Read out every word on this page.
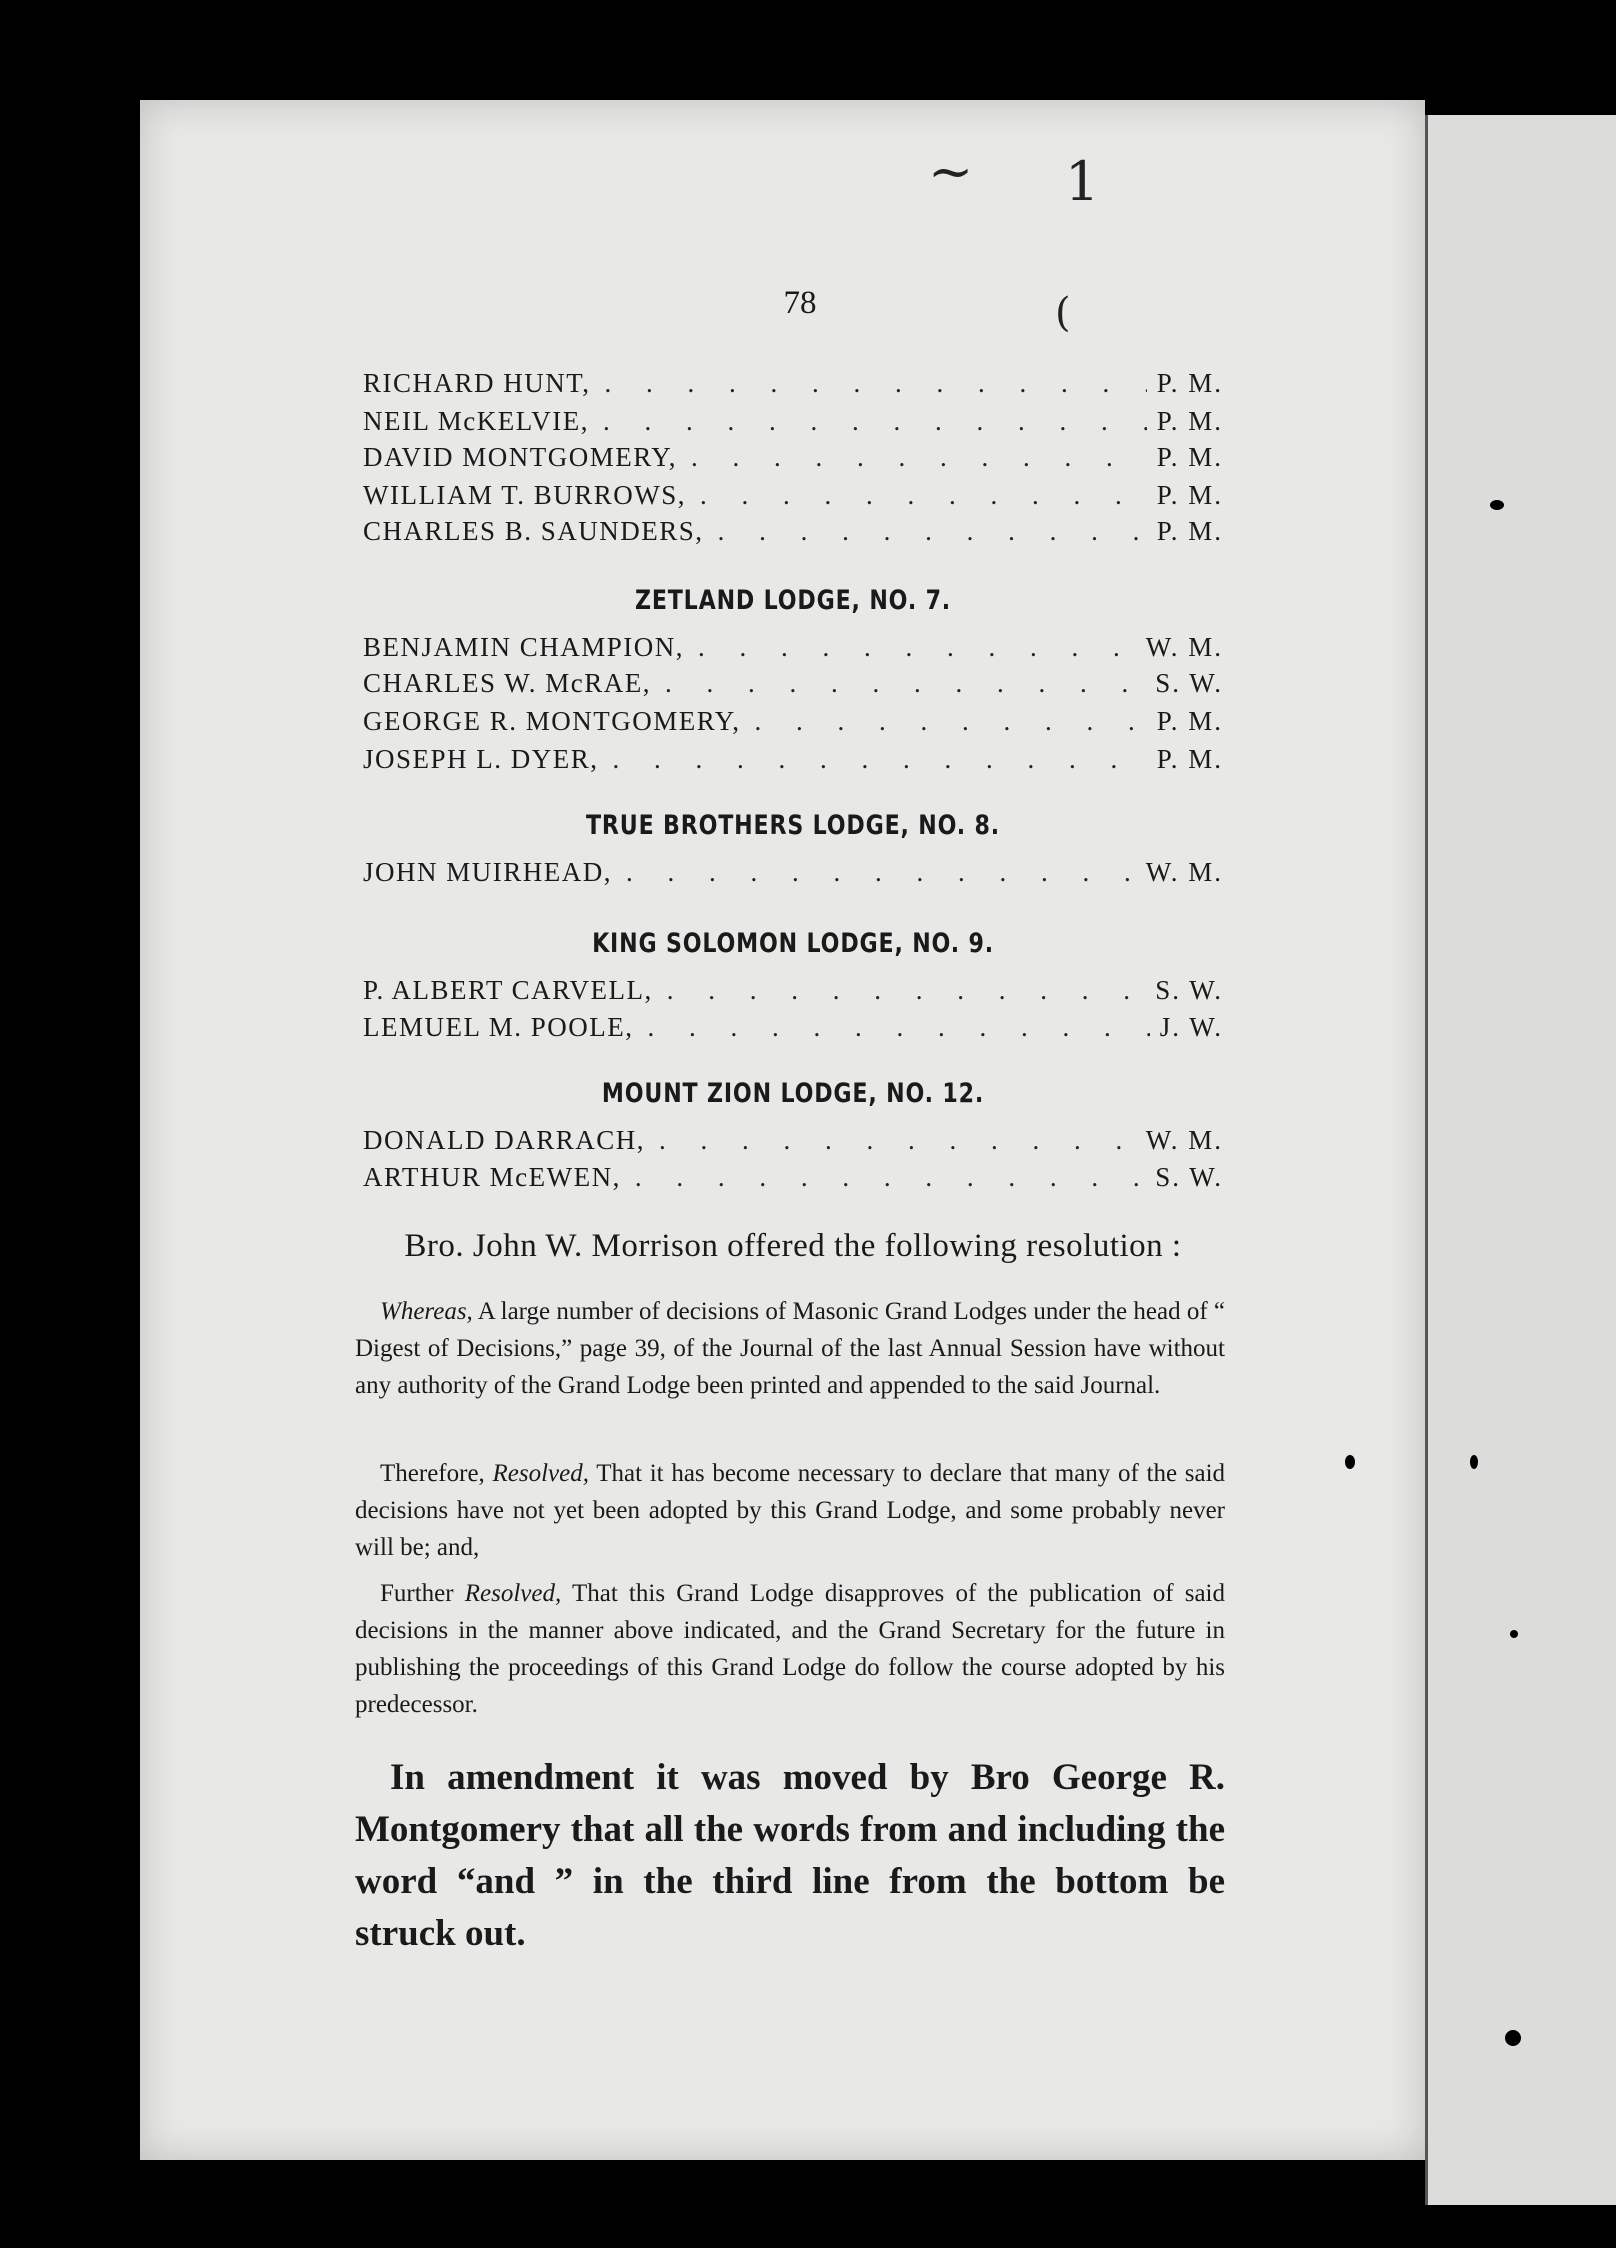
~ 1
(
78
RICHARD HUNT, . . .	P. M.
NEIL McKELVIE, . . .	P. M.
DAVID MONTGOMERY, . . .	P. M.
WILLIAM T. BURROWS, . . .	P. M.
CHARLES B. SAUNDERS, . . .	P. M.
ZETLAND LODGE, NO. 7.
BENJAMIN CHAMPION, . . .	W. M.
CHARLES W. McRAE, . . .	S. W.
GEORGE R. MONTGOMERY, . . .	P. M.
JOSEPH L. DYER, . . .	P. M.
TRUE BROTHERS LODGE, NO. 8.
JOHN MUIRHEAD, . . .	W. M.
KING SOLOMON LODGE, NO. 9.
P. ALBERT CARVELL, . . .	S. W.
LEMUEL M. POOLE, . . .	J. W.
MOUNT ZION LODGE, NO. 12.
DONALD DARRACH, . . .	W. M.
ARTHUR McEWEN, . . .	S. W.
Bro. John W. Morrison offered the following resolution :
Whereas, A large number of decisions of Masonic Grand Lodges under the head of “ Digest of Decisions,” page 39, of the Journal of the last Annual Session have without any authority of the Grand Lodge been printed and appended to the said Journal.
Therefore, Resolved, That it has become necessary to declare that many of the said decisions have not yet been adopted by this Grand Lodge, and some probably never will be; and,
Further Resolved, That this Grand Lodge disapproves of the publication of said decisions in the manner above indicated, and the Grand Secretary for the future in publishing the proceedings of this Grand Lodge do follow the course adopted by his predecessor.
In amendment it was moved by Bro George R. Montgomery that all the words from and including the word “and ” in the third line from the bottom be struck out.
